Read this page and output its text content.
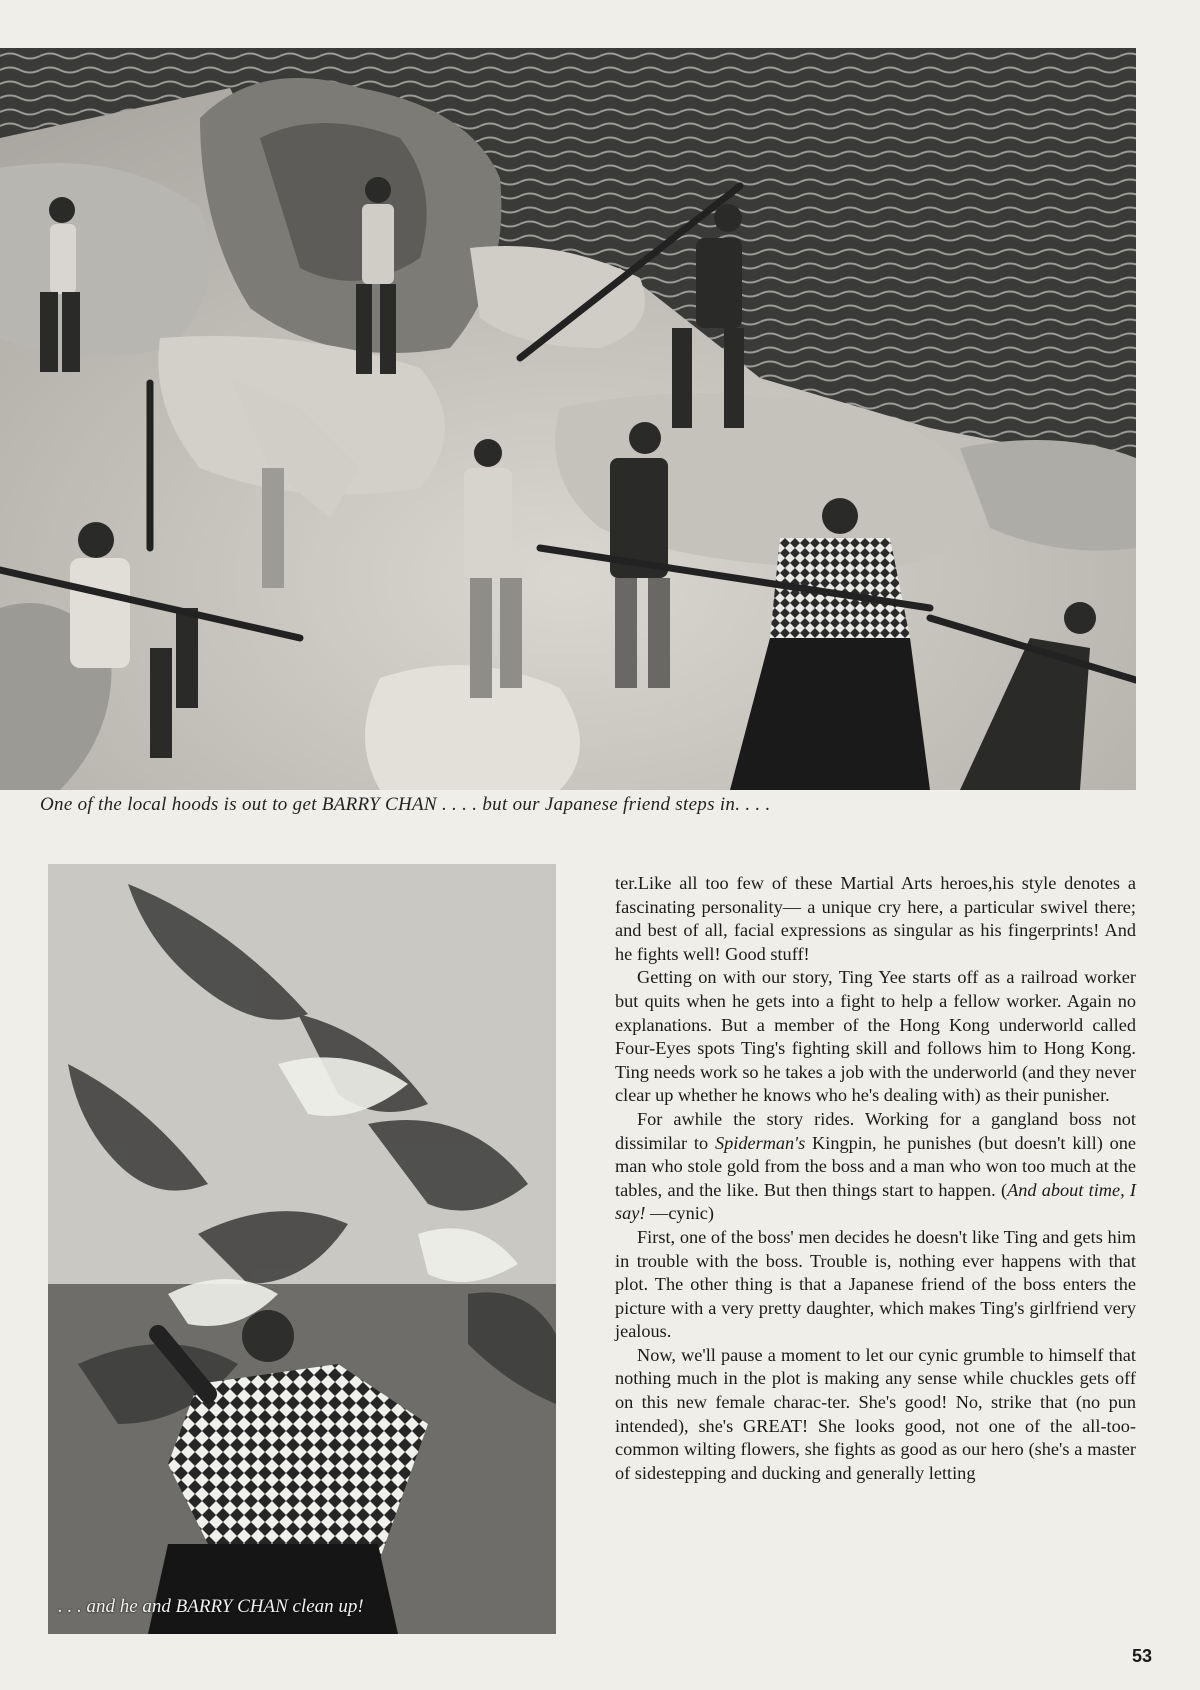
One of the local hoods is out to get BARRY CHAN . . . . but our Japanese friend steps in. . . .
. . . and he and BARRY CHAN clean up!

ter.Like all too few of these Martial Arts heroes,his style denotes a fascinating personality— a unique cry here, a particular swivel there; and best of all, facial expressions as singular as his fingerprints! And he fights well! Good stuff!

Getting on with our story, Ting Yee starts off as a railroad worker but quits when he gets into a fight to help a fellow worker. Again no explanations. But a member of the Hong Kong underworld called Four-Eyes spots Ting's fighting skill and follows him to Hong Kong. Ting needs work so he takes a job with the underworld (and they never clear up whether he knows who he's dealing with) as their punisher.

For awhile the story rides. Working for a gangland boss not dissimilar to Spiderman's Kingpin, he punishes (but doesn't kill) one man who stole gold from the boss and a man who won too much at the tables, and the like. But then things start to happen. (And about time, I say! —cynic)

First, one of the boss' men decides he doesn't like Ting and gets him in trouble with the boss. Trouble is, nothing ever happens with that plot. The other thing is that a Japanese friend of the boss enters the picture with a very pretty daughter, which makes Ting's girlfriend very jealous.

Now, we'll pause a moment to let our cynic grumble to himself that nothing much in the plot is making any sense while chuckles gets off on this new female charac-ter. She's good! No, strike that (no pun intended), she's GREAT! She looks good, not one of the all-too-common wilting flowers, she fights as good as our hero (she's a master of sidestepping and ducking and generally letting

53
